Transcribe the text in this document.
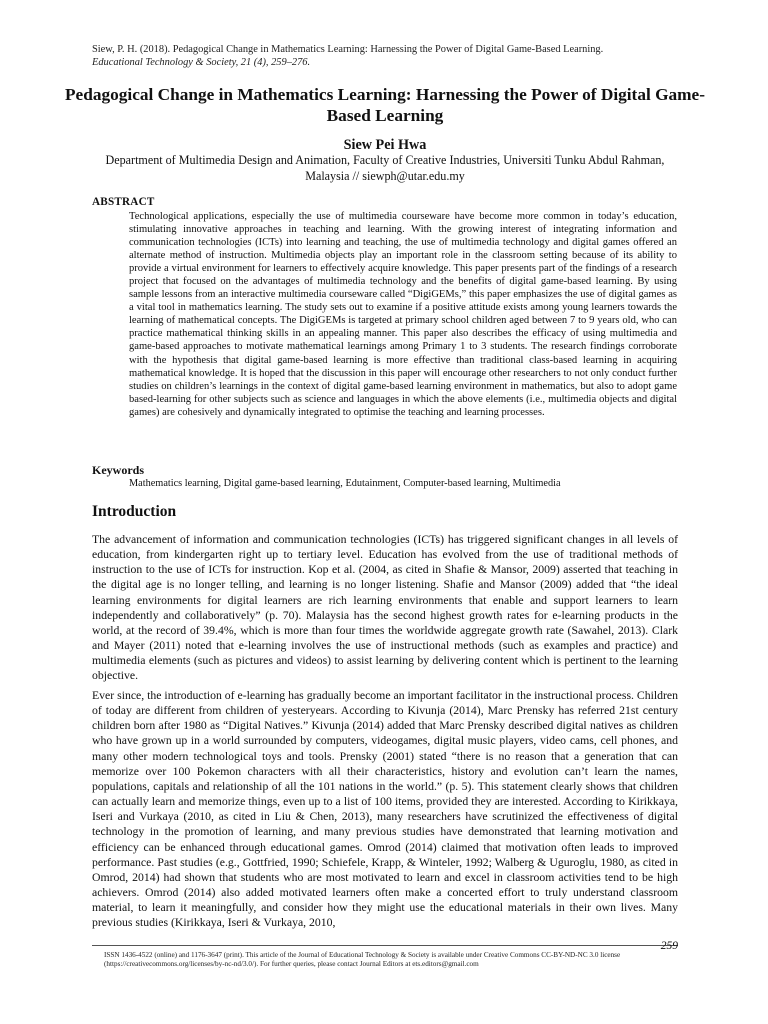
Siew, P. H. (2018). Pedagogical Change in Mathematics Learning: Harnessing the Power of Digital Game-Based Learning.
Educational Technology & Society, 21 (4), 259–276.
Pedagogical Change in Mathematics Learning: Harnessing the Power of Digital Game-Based Learning
Siew Pei Hwa
Department of Multimedia Design and Animation, Faculty of Creative Industries, Universiti Tunku Abdul Rahman, Malaysia // siewph@utar.edu.my
ABSTRACT
Technological applications, especially the use of multimedia courseware have become more common in today’s education, stimulating innovative approaches in teaching and learning. With the growing interest of integrating information and communication technologies (ICTs) into learning and teaching, the use of multimedia technology and digital games offered an alternate method of instruction. Multimedia objects play an important role in the classroom setting because of its ability to provide a virtual environment for learners to effectively acquire knowledge. This paper presents part of the findings of a research project that focused on the advantages of multimedia technology and the benefits of digital game-based learning. By using sample lessons from an interactive multimedia courseware called “DigiGEMs,” this paper emphasizes the use of digital games as a vital tool in mathematics learning. The study sets out to examine if a positive attitude exists among young learners towards the learning of mathematical concepts. The DigiGEMs is targeted at primary school children aged between 7 to 9 years old, who can practice mathematical thinking skills in an appealing manner. This paper also describes the efficacy of using multimedia and game-based approaches to motivate mathematical learnings among Primary 1 to 3 students. The research findings corroborate with the hypothesis that digital game-based learning is more effective than traditional class-based learning in acquiring mathematical knowledge. It is hoped that the discussion in this paper will encourage other researchers to not only conduct further studies on children’s learnings in the context of digital game-based learning environment in mathematics, but also to adopt game based-learning for other subjects such as science and languages in which the above elements (i.e., multimedia objects and digital games) are cohesively and dynamically integrated to optimise the teaching and learning processes.
Keywords
Mathematics learning, Digital game-based learning, Edutainment, Computer-based learning, Multimedia
Introduction
The advancement of information and communication technologies (ICTs) has triggered significant changes in all levels of education, from kindergarten right up to tertiary level. Education has evolved from the use of traditional methods of instruction to the use of ICTs for instruction. Kop et al. (2004, as cited in Shafie & Mansor, 2009) asserted that teaching in the digital age is no longer telling, and learning is no longer listening. Shafie and Mansor (2009) added that “the ideal learning environments for digital learners are rich learning environments that enable and support learners to learn independently and collaboratively” (p. 70). Malaysia has the second highest growth rates for e-learning products in the world, at the record of 39.4%, which is more than four times the worldwide aggregate growth rate (Sawahel, 2013). Clark and Mayer (2011) noted that e-learning involves the use of instructional methods (such as examples and practice) and multimedia elements (such as pictures and videos) to assist learning by delivering content which is pertinent to the learning objective.
Ever since, the introduction of e-learning has gradually become an important facilitator in the instructional process. Children of today are different from children of yesteryears. According to Kivunja (2014), Marc Prensky has referred 21st century children born after 1980 as “Digital Natives.” Kivunja (2014) added that Marc Prensky described digital natives as children who have grown up in a world surrounded by computers, videogames, digital music players, video cams, cell phones, and many other modern technological toys and tools. Prensky (2001) stated “there is no reason that a generation that can memorize over 100 Pokemon characters with all their characteristics, history and evolution can’t learn the names, populations, capitals and relationship of all the 101 nations in the world.” (p. 5). This statement clearly shows that children can actually learn and memorize things, even up to a list of 100 items, provided they are interested. According to Kirikkaya, Iseri and Vurkaya (2010, as cited in Liu & Chen, 2013), many researchers have scrutinized the effectiveness of digital technology in the promotion of learning, and many previous studies have demonstrated that learning motivation and efficiency can be enhanced through educational games. Omrod (2014) claimed that motivation often leads to improved performance. Past studies (e.g., Gottfried, 1990; Schiefele, Krapp, & Winteler, 1992; Walberg & Uguroglu, 1980, as cited in Omrod, 2014) had shown that students who are most motivated to learn and excel in classroom activities tend to be high achievers. Omrod (2014) also added motivated learners often make a concerted effort to truly understand classroom material, to learn it meaningfully, and consider how they might use the educational materials in their own lives. Many previous studies (Kirikkaya, Iseri & Vurkaya, 2010,
ISSN 1436-4522 (online) and 1176-3647 (print). This article of the Journal of Educational Technology & Society is available under Creative Commons CC-BY-ND-NC 3.0 license (https://creativecommons.org/licenses/by-nc-nd/3.0/). For further queries, please contact Journal Editors at ets.editors@gmail.com
259
